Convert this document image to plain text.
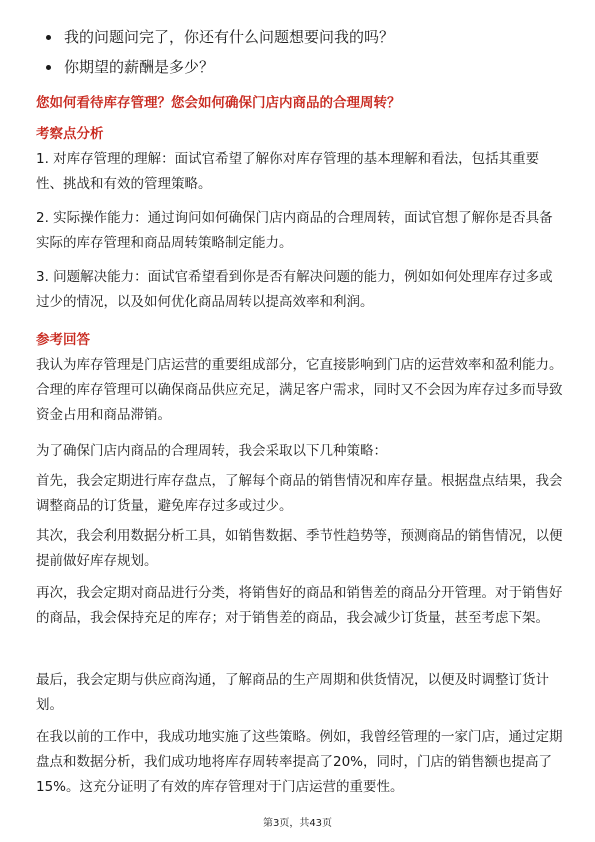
我的问题问完了，你还有什么问题想要问我的吗？
你期望的薪酬是多少？
您如何看待库存管理？您会如何确保门店内商品的合理周转？
考察点分析

1. 对库存管理的理解：面试官希望了解你对库存管理的基本理解和看法，包括其重要性、挑战和有效的管理策略。

2. 实际操作能力：通过询问如何确保门店内商品的合理周转，面试官想了解你是否具备实际的库存管理和商品周转策略制定能力。

3. 问题解决能力：面试官希望看到你是否有解决问题的能力，例如如何处理库存过多或过少的情况，以及如何优化商品周转以提高效率和利润。

参考回答

我认为库存管理是门店运营的重要组成部分，它直接影响到门店的运营效率和盈利能力。合理的库存管理可以确保商品供应充足，满足客户需求，同时又不会因为库存过多而导致资金占用和商品滞销。

为了确保门店内商品的合理周转，我会采取以下几种策略：

首先，我会定期进行库存盘点，了解每个商品的销售情况和库存量。根据盘点结果，我会调整商品的订货量，避免库存过多或过少。

其次，我会利用数据分析工具，如销售数据、季节性趋势等，预测商品的销售情况，以便提前做好库存规划。

再次，我会定期对商品进行分类，将销售好的商品和销售差的商品分开管理。对于销售好的商品，我会保持充足的库存；对于销售差的商品，我会减少订货量，甚至考虑下架。

最后，我会定期与供应商沟通，了解商品的生产周期和供货情况，以便及时调整订货计划。

在我以前的工作中，我成功地实施了这些策略。例如，我曾经管理的一家门店，通过定期盘点和数据分析，我们成功地将库存周转率提高了20%，同时，门店的销售额也提高了15%。这充分证明了有效的库存管理对于门店运营的重要性。

第3页，共43页
